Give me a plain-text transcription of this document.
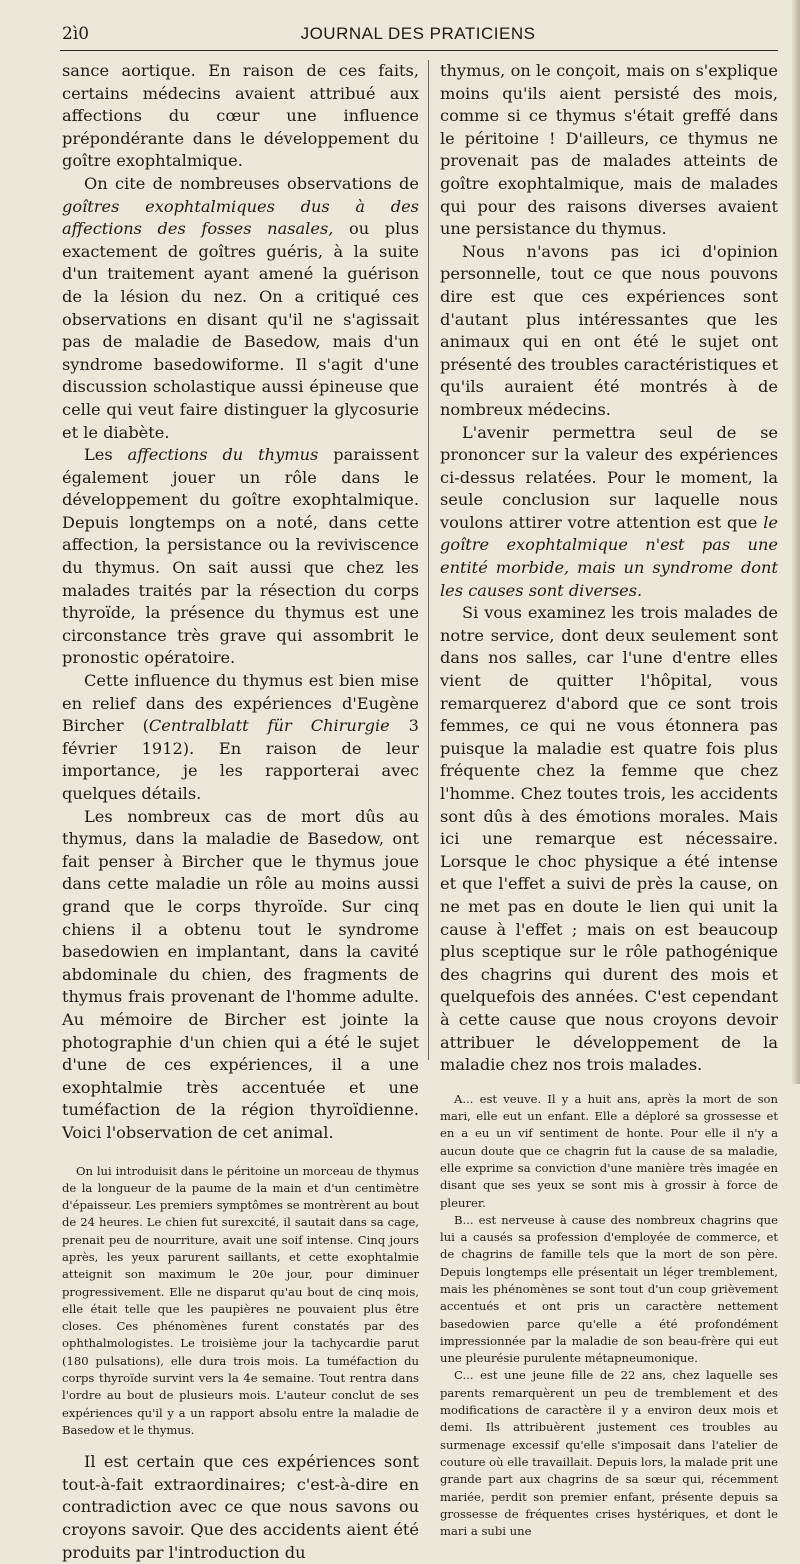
2ì0	JOURNAL DES PRATICIENS

sance aortique. En raison de ces faits, certains médecins avaient attribué aux affections du cœur une influence prépondérante dans le développement du goître exophtalmique.

On cite de nombreuses observations de goîtres exophtalmiques dus à des affections des fosses nasales, ou plus exactement de goîtres guéris, à la suite d'un traitement ayant amené la guérison de la lésion du nez. On a critiqué ces observations en disant qu'il ne s'agissait pas de maladie de Basedow, mais d'un syndrome basedowiforme. Il s'agit d'une discussion scholastique aussi épineuse que celle qui veut faire distinguer la glycosurie et le diabète.

Les affections du thymus paraissent également jouer un rôle dans le développement du goître exophtalmique. Depuis longtemps on a noté, dans cette affection, la persistance ou la reviviscence du thymus. On sait aussi que chez les malades traités par la résection du corps thyroïde, la présence du thymus est une circonstance très grave qui assombrit le pronostic opératoire.

Cette influence du thymus est bien mise en relief dans des expériences d'Eugène Bircher (Centralblatt für Chirurgie 3 février 1912). En raison de leur importance, je les rapporterai avec quelques détails.

Les nombreux cas de mort dûs au thymus, dans la maladie de Basedow, ont fait penser à Bircher que le thymus joue dans cette maladie un rôle au moins aussi grand que le corps thyroïde. Sur cinq chiens il a obtenu tout le syndrome basedowien en implantant, dans la cavité abdominale du chien, des fragments de thymus frais provenant de l'homme adulte. Au mémoire de Bircher est jointe la photographie d'un chien qui a été le sujet d'une de ces expériences, il a une exophtalmie très accentuée et une tuméfaction de la région thyroïdienne. Voici l'observation de cet animal.

On lui introduisit dans le péritoine un morceau de thymus de la longueur de la paume de la main et d'un centimètre d'épaisseur. Les premiers symptômes se montrèrent au bout de 24 heures. Le chien fut surexcité, il sautait dans sa cage, prenait peu de nourriture, avait une soif intense. Cinq jours après, les yeux parurent saillants, et cette exophtalmie atteignit son maximum le 20e jour, pour diminuer progressivement. Elle ne disparut qu'au bout de cinq mois, elle était telle que les paupières ne pouvaient plus être closes. Ces phénomènes furent constatés par des ophthalmologistes. Le troisième jour la tachycardie parut (180 pulsations), elle dura trois mois. La tuméfaction du corps thyroïde survint vers la 4e semaine. Tout rentra dans l'ordre au bout de plusieurs mois. L'auteur conclut de ses expériences qu'il y a un rapport absolu entre la maladie de Basedow et le thymus.

Il est certain que ces expériences sont tout-à-fait extraordinaires; c'est-à-dire en contradiction avec ce que nous savons ou croyons savoir. Que des accidents aient été produits par l'introduction du

thymus, on le conçoit, mais on s'explique moins qu'ils aient persisté des mois, comme si ce thymus s'était greffé dans le péritoine ! D'ailleurs, ce thymus ne provenait pas de malades atteints de goître exophtalmique, mais de malades qui pour des raisons diverses avaient une persistance du thymus.

Nous n'avons pas ici d'opinion personnelle, tout ce que nous pouvons dire est que ces expériences sont d'autant plus intéressantes que les animaux qui en ont été le sujet ont présenté des troubles caractéristiques et qu'ils auraient été montrés à de nombreux médecins.

L'avenir permettra seul de se prononcer sur la valeur des expériences ci-dessus relatées. Pour le moment, la seule conclusion sur laquelle nous voulons attirer votre attention est que le goître exophtalmique n'est pas une entité morbide, mais un syndrome dont les causes sont diverses.

Si vous examinez les trois malades de notre service, dont deux seulement sont dans nos salles, car l'une d'entre elles vient de quitter l'hôpital, vous remarquerez d'abord que ce sont trois femmes, ce qui ne vous étonnera pas puisque la maladie est quatre fois plus fréquente chez la femme que chez l'homme. Chez toutes trois, les accidents sont dûs à des émotions morales. Mais ici une remarque est nécessaire. Lorsque le choc physique a été intense et que l'effet a suivi de près la cause, on ne met pas en doute le lien qui unit la cause à l'effet ; mais on est beaucoup plus sceptique sur le rôle pathogénique des chagrins qui durent des mois et quelquefois des années. C'est cependant à cette cause que nous croyons devoir attribuer le développement de la maladie chez nos trois malades.

A... est veuve. Il y a huit ans, après la mort de son mari, elle eut un enfant. Elle a déploré sa grossesse et en a eu un vif sentiment de honte. Pour elle il n'y a aucun doute que ce chagrin fut la cause de sa maladie, elle exprime sa conviction d'une manière très imagée en disant que ses yeux se sont mis à grossir à force de pleurer.

B... est nerveuse à cause des nombreux chagrins que lui a causés sa profession d'employée de commerce, et de chagrins de famille tels que la mort de son père. Depuis longtemps elle présentait un léger tremblement, mais les phénomènes se sont tout d'un coup grièvement accentués et ont pris un caractère nettement basedowien parce qu'elle a été profondément impressionnée par la maladie de son beau-frère qui eut une pleurésie purulente métapneumonique.

C... est une jeune fille de 22 ans, chez laquelle ses parents remarquèrent un peu de tremblement et des modifications de caractère il y a environ deux mois et demi. Ils attribuèrent justement ces troubles au surmenage excessif qu'elle s'imposait dans l'atelier de couture où elle travaillait. Depuis lors, la malade prit une grande part aux chagrins de sa sœur qui, récemment mariée, perdit son premier enfant, présente depuis sa grossesse de fréquentes crises hystériques, et dont le mari a subi une
